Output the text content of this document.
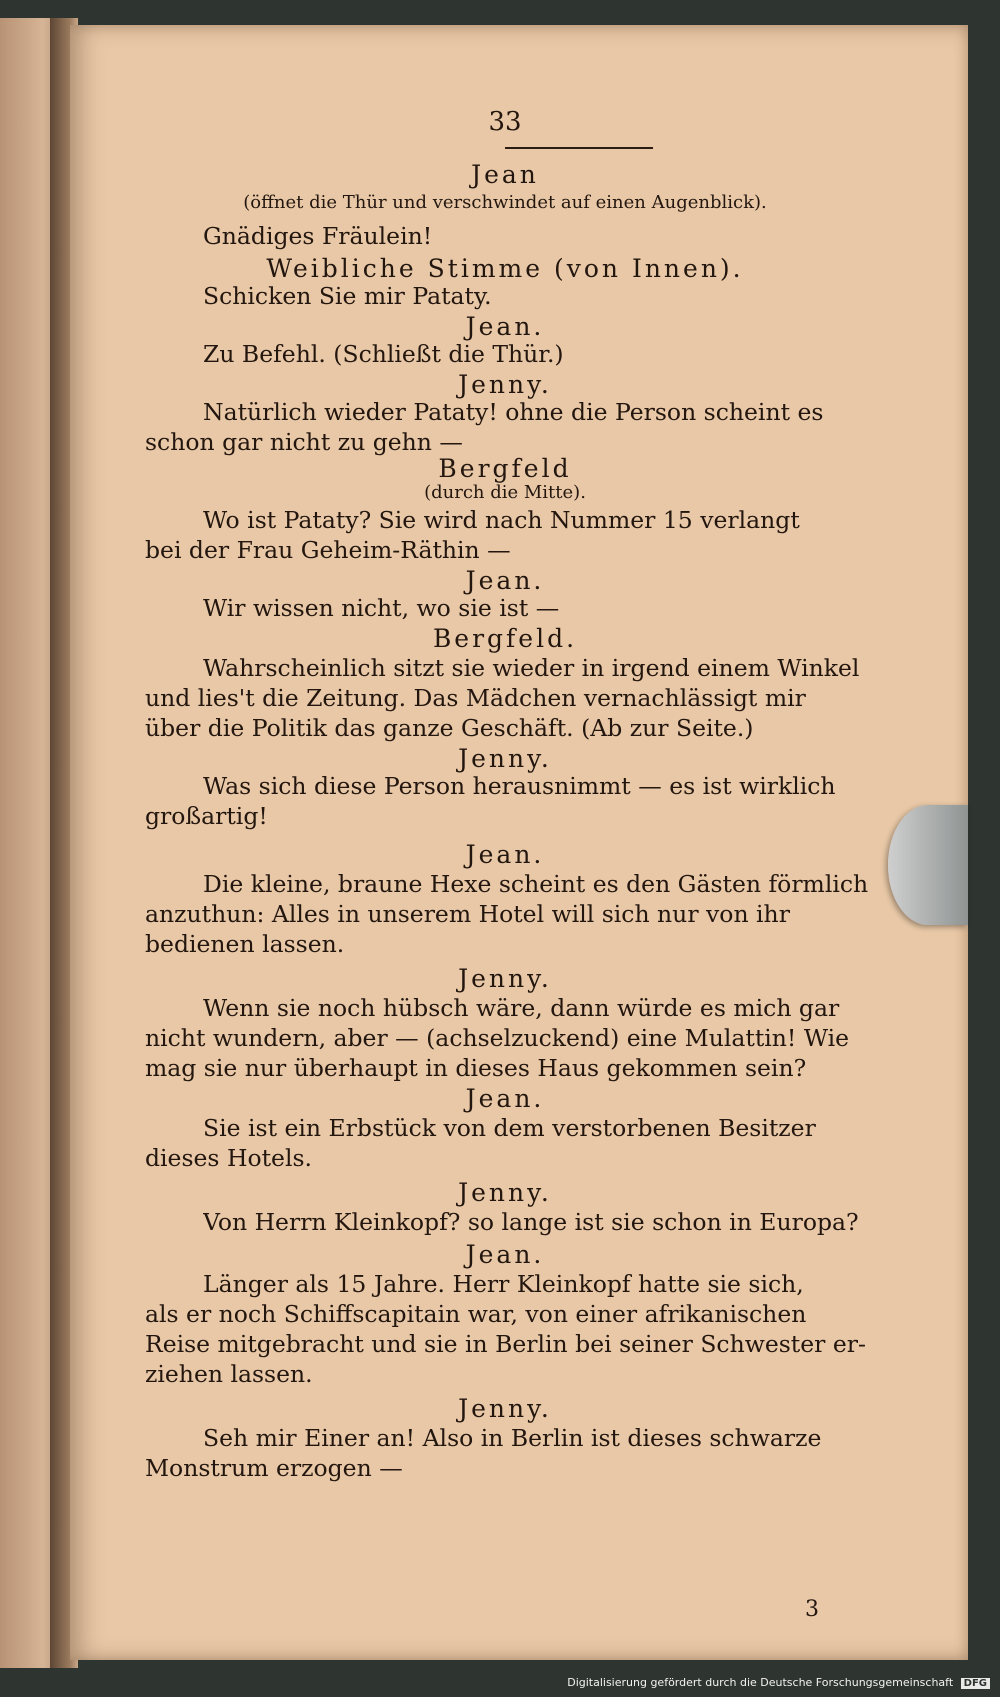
33
Jean
(öffnet die Thür und verschwindet auf einen Augenblick).
Gnädiges Fräulein!
Weibliche Stimme (von Innen).
Schicken Sie mir Pataty.
Jean.
Zu Befehl. (Schließt die Thür.)
Jenny.
Natürlich wieder Pataty! ohne die Person scheint es
schon gar nicht zu gehn —
Bergfeld
(durch die Mitte).
Wo ist Pataty? Sie wird nach Nummer 15 verlangt
bei der Frau Geheim-Räthin —
Jean.
Wir wissen nicht, wo sie ist —
Bergfeld.
Wahrscheinlich sitzt sie wieder in irgend einem Winkel
und lies't die Zeitung. Das Mädchen vernachlässigt mir
über die Politik das ganze Geschäft. (Ab zur Seite.)
Jenny.
Was sich diese Person herausnimmt — es ist wirklich
großartig!
Jean.
Die kleine, braune Hexe scheint es den Gästen förmlich
anzuthun: Alles in unserem Hotel will sich nur von ihr
bedienen lassen.
Jenny.
Wenn sie noch hübsch wäre, dann würde es mich gar
nicht wundern, aber — (achselzuckend) eine Mulattin! Wie
mag sie nur überhaupt in dieses Haus gekommen sein?
Jean.
Sie ist ein Erbstück von dem verstorbenen Besitzer
dieses Hotels.
Jenny.
Von Herrn Kleinkopf? so lange ist sie schon in Europa?
Jean.
Länger als 15 Jahre. Herr Kleinkopf hatte sie sich,
als er noch Schiffscapitain war, von einer afrikanischen
Reise mitgebracht und sie in Berlin bei seiner Schwester er-
ziehen lassen.
Jenny.
Seh mir Einer an! Also in Berlin ist dieses schwarze
Monstrum erzogen —
3
Digitalisierung gefördert durch die Deutsche Forschungsgemeinschaft DFG
